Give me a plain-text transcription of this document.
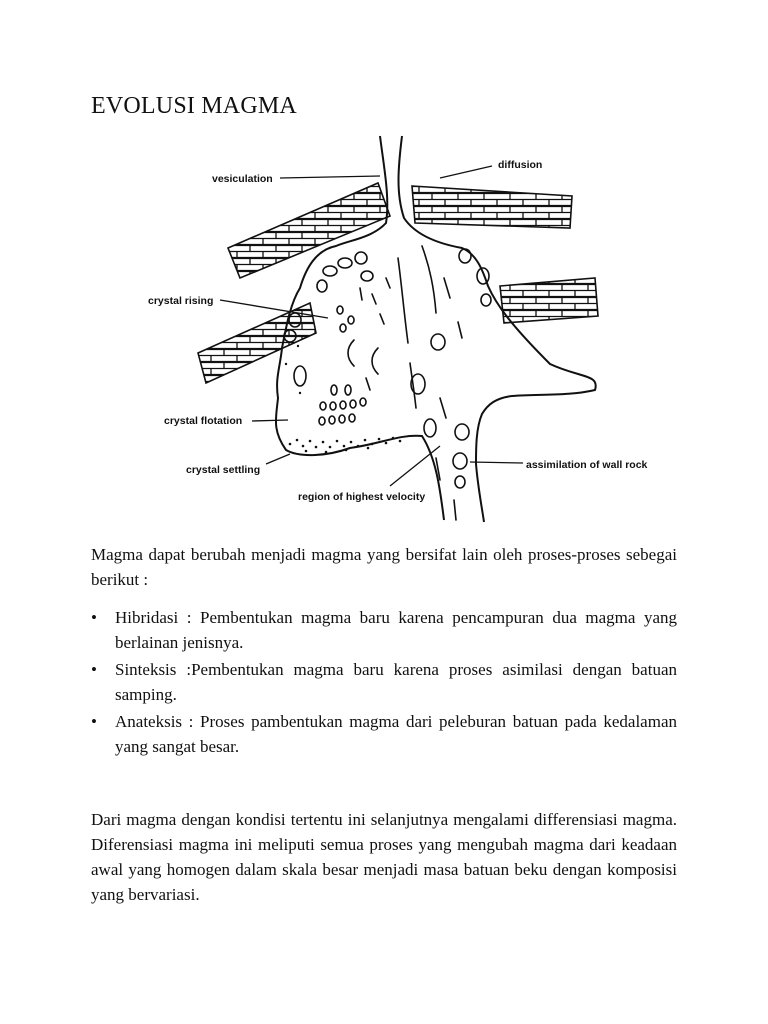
EVOLUSI MAGMA
vesiculation
diffusion
crystal rising
crystal flotation
crystal settling
region of highest velocity
assimilation of wall rock

Magma dapat berubah menjadi magma yang bersifat lain oleh proses-proses sebegai berikut :

• Hibridasi : Pembentukan magma baru karena pencampuran dua magma yang berlainan jenisnya.
• Sinteksis :Pembentukan magma baru karena proses asimilasi dengan batuan samping.
• Anateksis : Proses pambentukan magma dari peleburan batuan pada kedalaman yang sangat besar.

Dari magma dengan kondisi tertentu ini selanjutnya mengalami differensiasi magma. Diferensiasi magma ini meliputi semua proses yang mengubah magma dari keadaan awal yang homogen dalam skala besar menjadi masa batuan beku dengan komposisi yang bervariasi.
